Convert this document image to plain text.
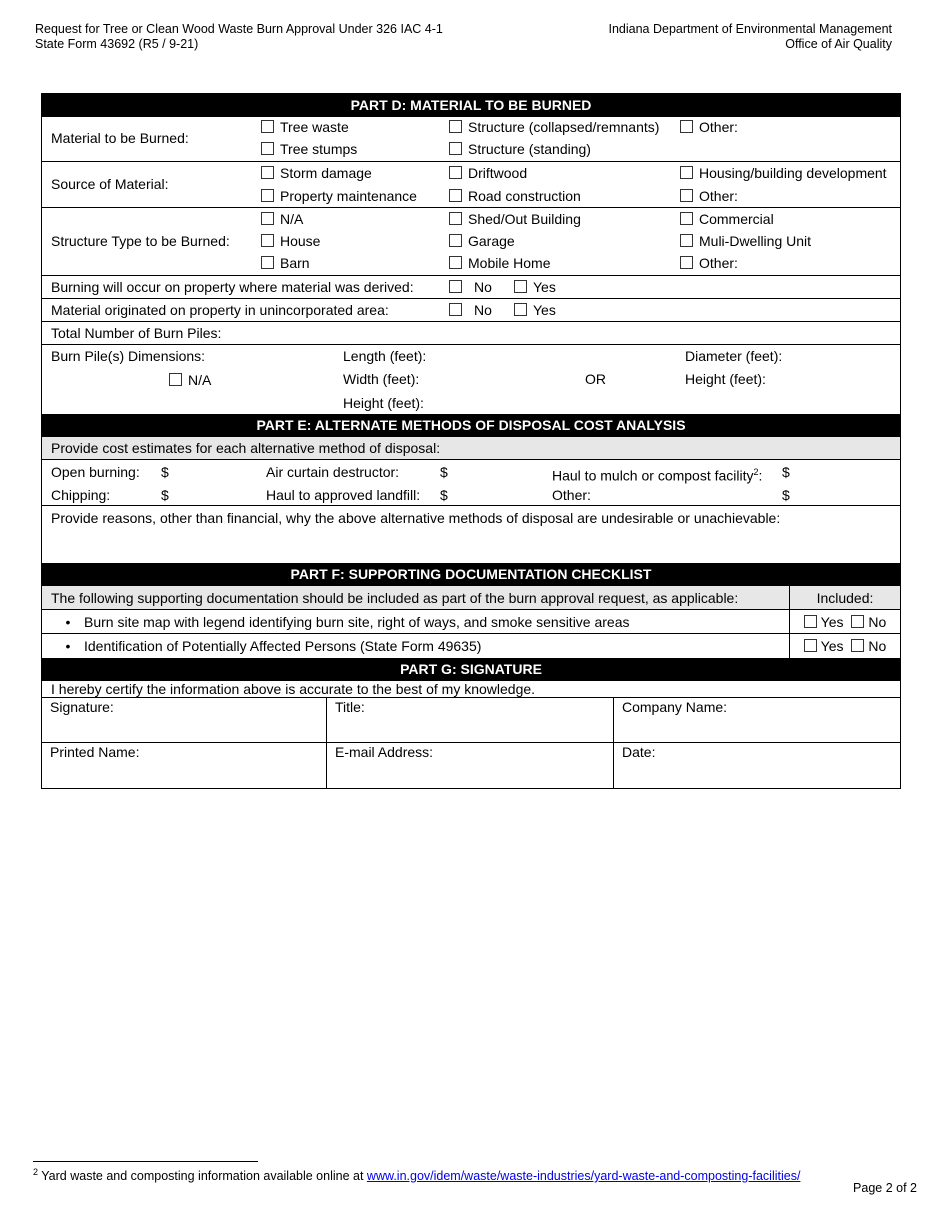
Request for Tree or Clean Wood Waste Burn Approval Under 326 IAC 4-1
State Form 43692 (R5 / 9-21)
Indiana Department of Environmental Management
Office of Air Quality
PART D: MATERIAL TO BE BURNED
Material to be Burned:
Tree waste	Structure (collapsed/remnants)	Other:
Tree stumps	Structure (standing)
Source of Material:
Storm damage	Driftwood	Housing/building development
Property maintenance	Road construction	Other:
Structure Type to be Burned:
N/A	Shed/Out Building	Commercial
House	Garage	Muli-Dwelling Unit
Barn	Mobile Home	Other:
Burning will occur on property where material was derived:	No	Yes
Material originated on property in unincorporated area:	No	Yes
Total Number of Burn Piles:
Burn Pile(s) Dimensions:
N/A
Length (feet):
Width (feet):
Height (feet):
OR
Diameter (feet):
Height (feet):
PART E: ALTERNATE METHODS OF DISPOSAL COST ANALYSIS
Provide cost estimates for each alternative method of disposal:
Open burning: $	Air curtain destructor:	$	Haul to mulch or compost facility$^2$: $
Chipping:	$	Haul to approved landfill: $	Other:	$
Provide reasons, other than financial, why the above alternative methods of disposal are undesirable or unachievable:
PART F: SUPPORTING DOCUMENTATION CHECKLIST
The following supporting documentation should be included as part of the burn approval request, as applicable:	Included:
• Burn site map with legend identifying burn site, right of ways, and smoke sensitive areas	Yes No
• Identification of Potentially Affected Persons (State Form 49635)	Yes No
PART G: SIGNATURE
I hereby certify the information above is accurate to the best of my knowledge.
Signature:	Title:	Company Name:
Printed Name:	E-mail Address:	Date:
$^2$ Yard waste and composting information available online at www.in.gov/idem/waste/waste-industries/yard-waste-and-composting-facilities/
Page 2 of 2
